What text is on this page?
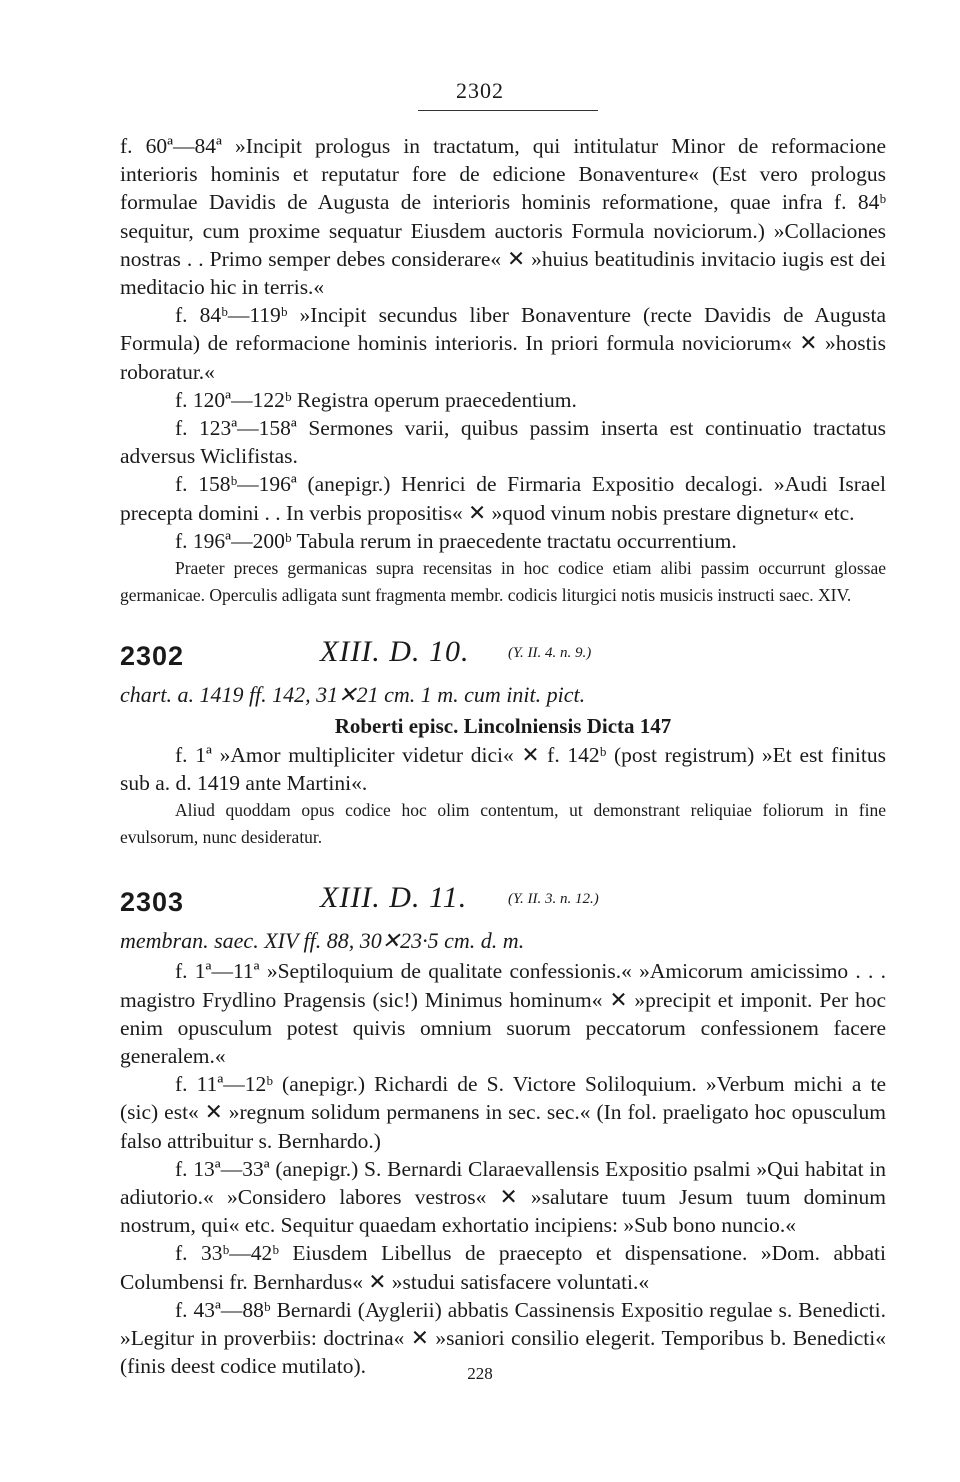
2302

f. 60ª—84ª »Incipit prologus in tractatum, qui intitulatur Minor de reformacione interioris hominis et reputatur fore de edicione Bonaventure« (Est vero prologus formulae Davidis de Augusta de interioris hominis reformatione, quae infra f. 84ᵇ sequitur, cum proxime sequatur Eiusdem auctoris Formula noviciorum.) »Collaciones nostras . . Primo semper debes considerare« ✕ »huius beatitudinis invitacio iugis est dei meditacio hic in terris.«

f. 84ᵇ—119ᵇ »Incipit secundus liber Bonaventure (recte Davidis de Augusta Formula) de reformacione hominis interioris. In priori formula noviciorum« ✕ »hostis roboratur.«

f. 120ª—122ᵇ Registra operum praecedentium.

f. 123ª—158ª Sermones varii, quibus passim inserta est continuatio tractatus adversus Wiclifistas.

f. 158ᵇ—196ª (anepigr.) Henrici de Firmaria Expositio decalogi. »Audi Israel precepta domini . . In verbis propositis« ✕ »quod vinum nobis prestare dignetur« etc.

f. 196ª—200ᵇ Tabula rerum in praecedente tractatu occurrentium.

Praeter preces germanicas supra recensitas in hoc codice etiam alibi passim occurrunt glossae germanicae. Operculis adligata sunt fragmenta membr. codicis liturgici notis musicis instructi saec. XIV.

2302	XIII. D. 10.	(Y. II. 4. n. 9.)

chart. a. 1419 ff. 142, 31✕21 cm. 1 m. cum init. pict.

Roberti episc. Lincolniensis Dicta 147

f. 1ª »Amor multipliciter videtur dici« ✕ f. 142ᵇ (post registrum) »Et est finitus sub a. d. 1419 ante Martini«.

Aliud quoddam opus codice hoc olim contentum, ut demonstrant reliquiae foliorum in fine evulsorum, nunc desideratur.

2303	XIII. D. 11.	(Y. II. 3. n. 12.)

membran. saec. XIV ff. 88, 30✕23·5 cm. d. m.

f. 1ª—11ª »Septiloquium de qualitate confessionis.« »Amicorum amicissimo . . . magistro Frydlino Pragensis (sic!) Minimus hominum« ✕ »precipit et imponit. Per hoc enim opusculum potest quivis omnium suorum peccatorum confessionem facere generalem.«

f. 11ª—12ᵇ (anepigr.) Richardi de S. Victore Soliloquium. »Verbum michi a te (sic) est« ✕ »regnum solidum permanens in sec. sec.« (In fol. praeligato hoc opusculum falso attribuitur s. Bernhardo.)

f. 13ª—33ª (anepigr.) S. Bernardi Claraevallensis Expositio psalmi »Qui habitat in adiutorio.« »Considero labores vestros« ✕ »salutare tuum Jesum tuum dominum nostrum, qui« etc. Sequitur quaedam exhortatio incipiens: »Sub bono nuncio.«

f. 33ᵇ—42ᵇ Eiusdem Libellus de praecepto et dispensatione. »Dom. abbati Columbensi fr. Bernhardus« ✕ »studui satisfacere voluntati.«

f. 43ª—88ᵇ Bernardi (Ayglerii) abbatis Cassinensis Expositio regulae s. Benedicti. »Legitur in proverbiis: doctrina« ✕ »saniori consilio elegerit. Temporibus b. Benedicti« (finis deest codice mutilato).	228
